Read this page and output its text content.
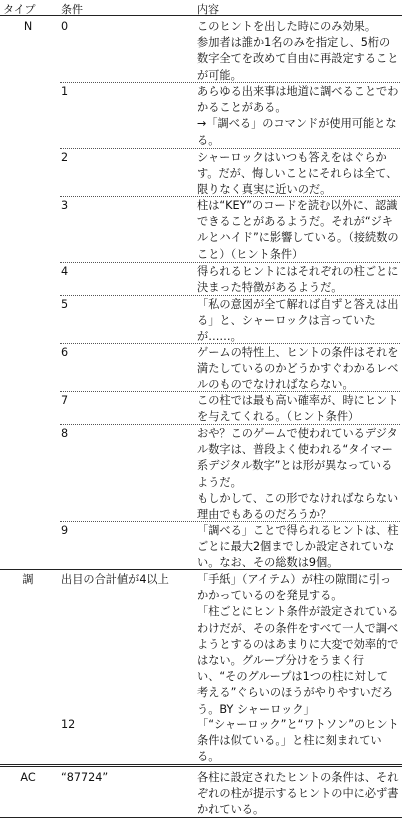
タイプ 条件	内容
N	0	このヒントを出した時にのみ効果。

参加者は誰か1名のみを指定し、5桁の数字全てを改めて自由に再設定することが可能。

1	あらゆる出来事は地道に調べることでわかることがある。

→「調べる」のコマンドが使用可能となる。

2	シャーロックはいつも答えをはぐらかす。だが、悔しいことにそれらは全て、限りなく真実に近いのだ。

3	柱は“KEY”のコードを読む以外に、認識できることがあるようだ。それが“ジキルとハイド”に影響している。（接続数のこと）（ヒント条件）

4	得られるヒントにはそれぞれの柱ごとに決まった特徴があるようだ。

5	「私の意図が全て解れば自ずと答えは出る」と、シャーロックは言っていたが……。

6	ゲームの特性上、ヒントの条件はそれを満たしているのかどうかすぐわかるレベルのものでなければならない。

7	この柱では最も高い確率が、時にヒントを与えてくれる。（ヒント条件）

8	おや？このゲームで使われているデジタル数字は、普段よく使われる“タイマー系デジタル数字”とは形が異なっているようだ。

もしかして、この形でなければならない理由でもあるのだろうか？

9	「調べる」ことで得られるヒントは、柱ごとに最大2個までしか設定されていない。なお、その総数は9個。

調	出目の合計値が4以上	「手紙」（アイテム）が柱の隙間に引っかかっているのを発見する。

「柱ごとにヒント条件が設定されているわけだが、その条件をすべて一人で調べようとするのはあまりに大変で効率的ではない。グループ分けをうまく行い、“そのグループは1つの柱に対して考える”ぐらいのほうがやりやすいだろう。BY シャーロック」

12	「“シャーロック”と“ワトソン”のヒント条件は似ている。」と柱に刻まれている。

AC	“87724”	各柱に設定されたヒントの条件は、それぞれの柱が提示するヒントの中に必ず書かれている。
